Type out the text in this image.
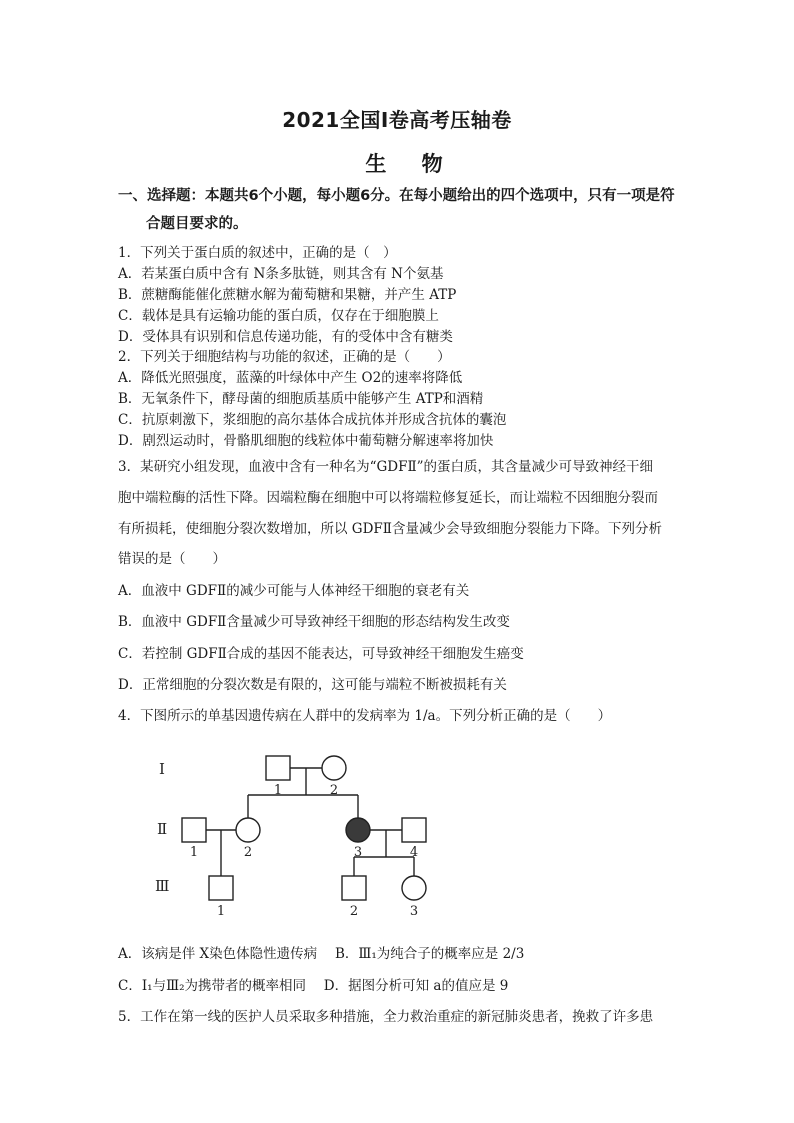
2021全国Ⅰ卷高考压轴卷
生 物
一、选择题：本题共6个小题，每小题6分。在每小题给出的四个选项中，只有一项是符
合题目要求的。
1．下列关于蛋白质的叙述中，正确的是（　）
A．若某蛋白质中含有 N条多肽链，则其含有 N个氨基
B．蔗糖酶能催化蔗糖水解为葡萄糖和果糖，并产生 ATP
C．载体是具有运输功能的蛋白质，仅存在于细胞膜上
D．受体具有识别和信息传递功能，有的受体中含有糖类
2．下列关于细胞结构与功能的叙述，正确的是（　　）
A．降低光照强度，蓝藻的叶绿体中产生 O2的速率将降低
B．无氧条件下，酵母菌的细胞质基质中能够产生 ATP和酒精
C．抗原刺激下，浆细胞的高尔基体合成抗体并形成含抗体的囊泡
D．剧烈运动时，骨骼肌细胞的线粒体中葡萄糖分解速率将加快
3．某研究小组发现，血液中含有一种名为“GDFⅡ”的蛋白质，其含量减少可导致神经干细
胞中端粒酶的活性下降。因端粒酶在细胞中可以将端粒修复延长，而让端粒不因细胞分裂而
有所损耗，使细胞分裂次数增加，所以 GDFⅡ含量减少会导致细胞分裂能力下降。下列分析
错误的是（　　）
A．血液中 GDFⅡ的减少可能与人体神经干细胞的衰老有关
B．血液中 GDFⅡ含量减少可导致神经干细胞的形态结构发生改变
C．若控制 GDFⅡ合成的基因不能表达，可导致神经干细胞发生癌变
D．正常细胞的分裂次数是有限的，这可能与端粒不断被损耗有关
4．下图所示的单基因遗传病在人群中的发病率为 1/a。下列分析正确的是（　　）
Ⅰ
Ⅱ
Ⅲ
1	2
1	2	3	4
1	2	3
A．该病是伴 X染色体隐性遗传病　 B．Ⅲ₁为纯合子的概率应是 2/3
C．Ⅰ₁与Ⅲ₂为携带者的概率相同　 D．据图分析可知 a的值应是 9
5．工作在第一线的医护人员采取多种措施，全力救治重症的新冠肺炎患者，挽救了许多患
